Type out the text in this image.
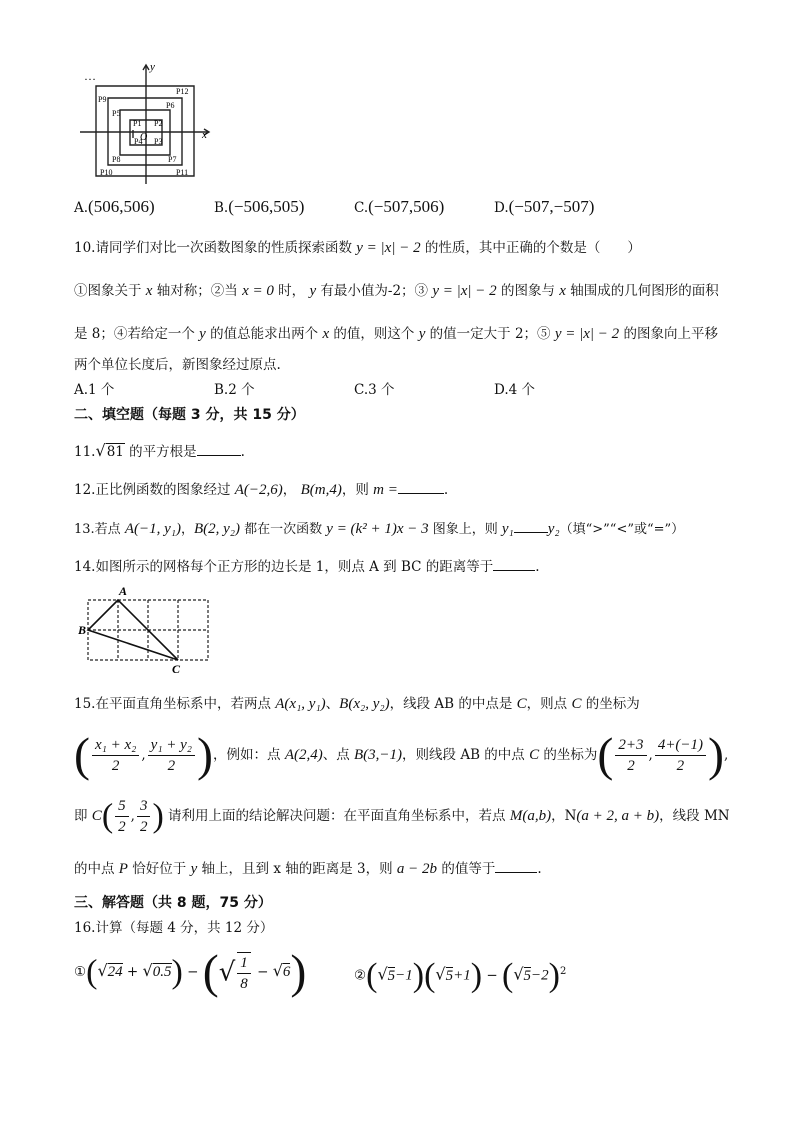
…
y
x
O
P1 P2
P3
P4
P5
P6
P7
P8
P9
P10	P11
P12
A.(506,506)	B.(−506,505)	C.(−507,506)	D.(−507,−507)
10.请同学们对比一次函数图象的性质探索函数 y = |x| − 2 的性质，其中正确的个数是（　　）
①图象关于 x 轴对称；②当 x = 0 时， y 有最小值为-2；③ y = |x| − 2 的图象与 x 轴围成的几何图形的面积
是 8；④若给定一个 y 的值总能求出两个 x 的值，则这个 y 的值一定大于 2；⑤ y = |x| − 2 的图象向上平移
两个单位长度后，新图象经过原点.
A.1 个	B.2 个	C.3 个	D.4 个
二、填空题（每题 3 分，共 15 分）
11.√81 的平方根是	.
12.正比例函数的图象经过 A(−2,6)， B(m,4)，则 m =	.
13.若点 A(−1, y₁)，B(2, y₂) 都在一次函数 y = (k² + 1)x − 3 图象上，则 y₁ y₂（填“>”“<”或“=”）
14.如图所示的网格每个正方形的边长是 1，则点 A 到 BC 的距离等于	.
A
B
C
15.在平面直角坐标系中，若两点 A(x₁, y₁)、B(x₂, y₂)，线段 AB 的中点是 C，则点 C 的坐标为
( $\frac{\text{x₁ + x₂}}{2}$ , $\frac{\text{y₁ + y₂}}{2}$ )，例如：点 A(2,4)、点 B(3,−1)，则线段 AB 的中点 C 的坐标为( $\frac{2+3}{2}$ , $\frac{4+(-1)}{2}$ ),
即 $C( \frac{5}{2}$ , $\frac{3}{2}$ ) 请利用上面的结论解决问题：在平面直角坐标系中，若点 M(a,b)，N(a + 2, a + b)，线段 MN
的中点 P 恰好位于 y 轴上，且到 x 轴的距离是 3，则 a − 2b 的值等于	.
三、解答题（共 8 题，75 分）
16.计算（每题 4 分，共 12 分）
①(√24 + √0.5) − (√ $\frac{1}{8} - √6$)	②(√5−1)(√5+1) − $(√5-2)^2$
